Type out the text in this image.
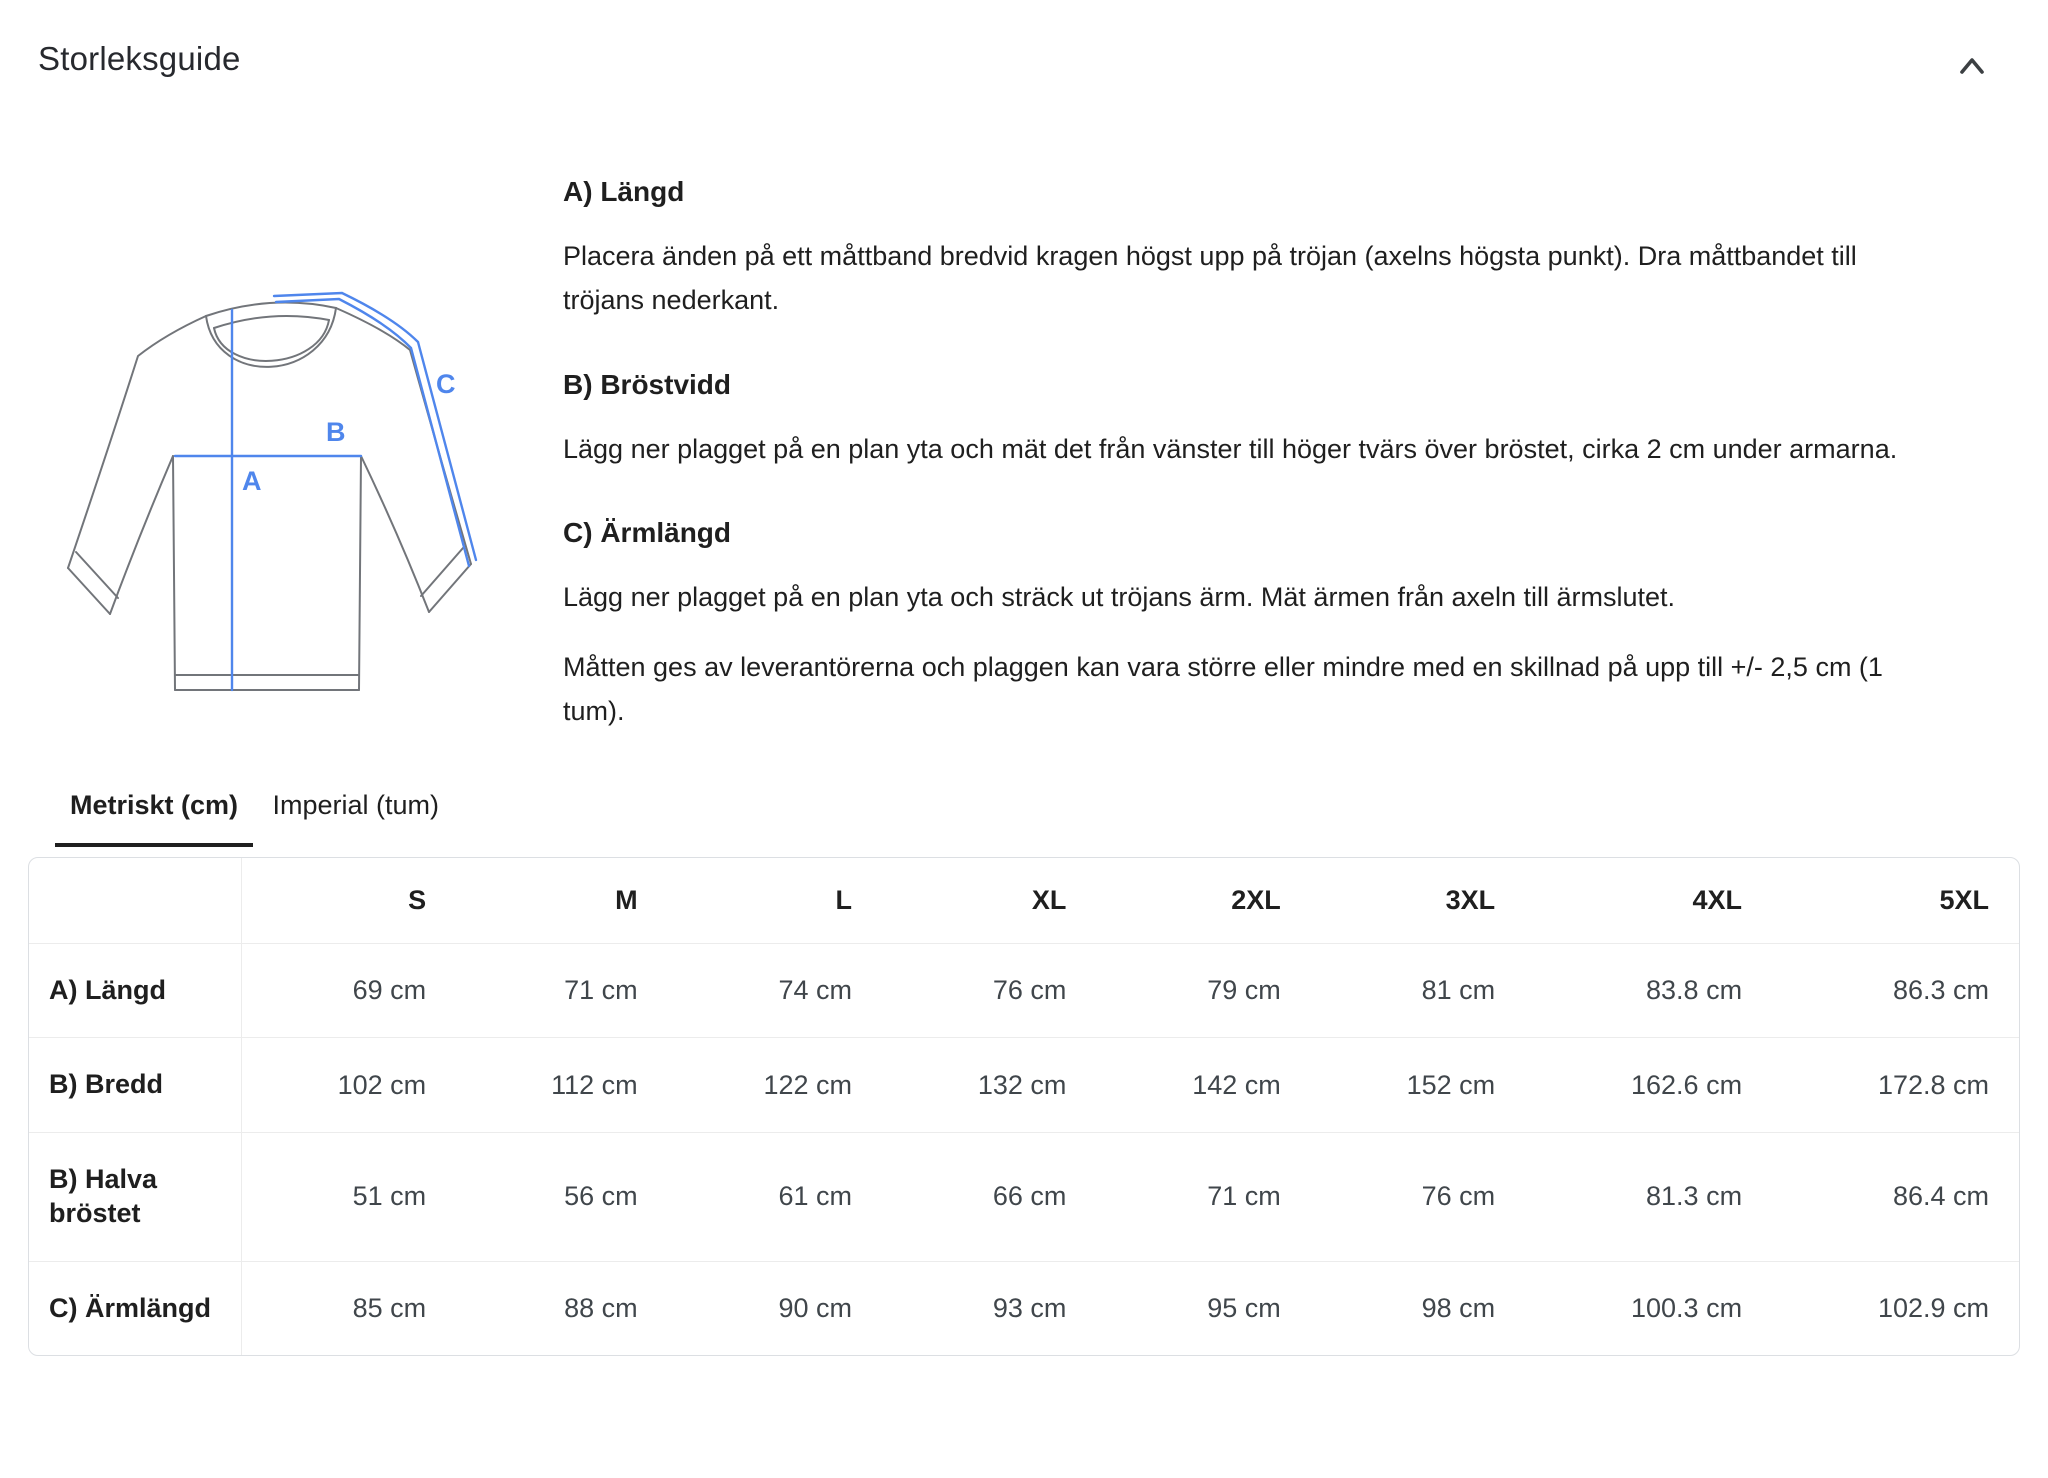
Storleksguide
A
B
C
A) Längd

Placera änden på ett måttband bredvid kragen högst upp på tröjan (axelns högsta punkt). Dra måttbandet till tröjans nederkant.

B) Bröstvidd

Lägg ner plagget på en plan yta och mät det från vänster till höger tvärs över bröstet, cirka 2 cm under armarna.

C) Ärmlängd

Lägg ner plagget på en plan yta och sträck ut tröjans ärm. Mät ärmen från axeln till ärmslutet.

Måtten ges av leverantörerna och plaggen kan vara större eller mindre med en skillnad på upp till +/- 2,5 cm (1 tum).

Metriskt (cm) Imperial (tum)
	S	M	L	XL	2XL	3XL	4XL	5XL
A) Längd	69 cm	71 cm	74 cm	76 cm	79 cm	81 cm	83.8 cm	86.3 cm
B) Bredd	102 cm	112 cm	122 cm	132 cm	142 cm	152 cm	162.6 cm	172.8 cm
B) Halva bröstet	51 cm	56 cm	61 cm	66 cm	71 cm	76 cm	81.3 cm	86.4 cm
C) Ärmlängd	85 cm	88 cm	90 cm	93 cm	95 cm	98 cm	100.3 cm	102.9 cm
